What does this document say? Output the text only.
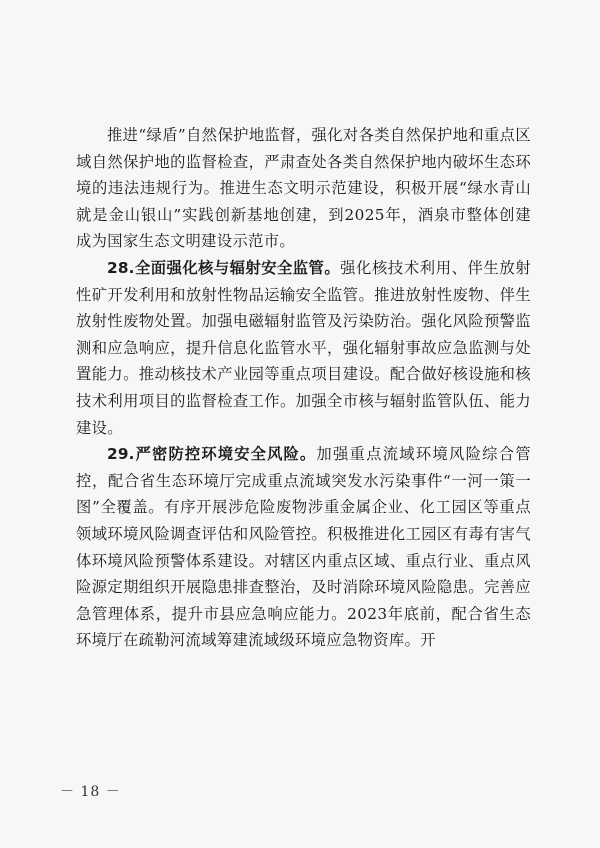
推进“绿盾”自然保护地监督，强化对各类自然保护地和重点区域自然保护地的监督检查，严肃查处各类自然保护地内破坏生态环境的违法违规行为。推进生态文明示范建设，积极开展“绿水青山就是金山银山”实践创新基地创建，到2025年，酒泉市整体创建成为国家生态文明建设示范市。

28.全面强化核与辐射安全监管。强化核技术利用、伴生放射性矿开发利用和放射性物品运输安全监管。推进放射性废物、伴生放射性废物处置。加强电磁辐射监管及污染防治。强化风险预警监测和应急响应，提升信息化监管水平，强化辐射事故应急监测与处置能力。推动核技术产业园等重点项目建设。配合做好核设施和核技术利用项目的监督检查工作。加强全市核与辐射监管队伍、能力建设。

29.严密防控环境安全风险。加强重点流域环境风险综合管控，配合省生态环境厅完成重点流域突发水污染事件“一河一策一图”全覆盖。有序开展涉危险废物涉重金属企业、化工园区等重点领域环境风险调查评估和风险管控。积极推进化工园区有毒有害气体环境风险预警体系建设。对辖区内重点区域、重点行业、重点风险源定期组织开展隐患排查整治，及时消除环境风险隐患。完善应急管理体系，提升市县应急响应能力。2023年底前，配合省生态环境厅在疏勒河流域筹建流域级环境应急物资库。开

－ 18 －
